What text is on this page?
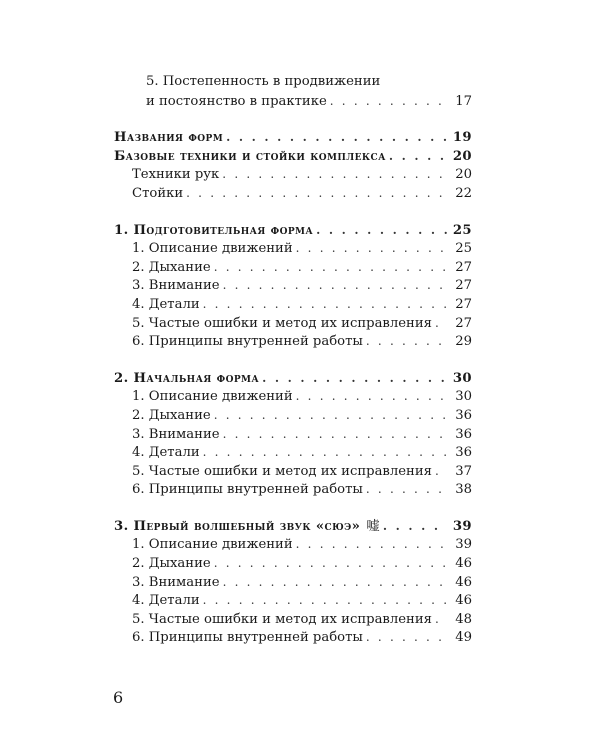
5. Постепенность в продвижении
и постоянство в практике . . .	17
Названия форм . . .	19
Базовые техники и стойки комплекса . . .	20
Техники рук . . .	20
Стойки . . .	22
1. Подготовительная форма . . .	25
1. Описание движений . . .	25
2. Дыхание . . .	27
3. Внимание . . .	27
4. Детали . . .	27
5. Частые ошибки и метод их исправления . . .	27
6. Принципы внутренней работы . . .	29
2. Начальная форма . . .	30
1. Описание движений . . .	30
2. Дыхание . . .	36
3. Внимание . . .	36
4. Детали . . .	36
5. Частые ошибки и метод их исправления . . .	37
6. Принципы внутренней работы . . .	38
3. Первый волшебный звук «сюэ» 嘘 . . .	39
1. Описание движений . . .	39
2. Дыхание . . .	46
3. Внимание . . .	46
4. Детали . . .	46
5. Частые ошибки и метод их исправления . . .	48
6. Принципы внутренней работы . . .	49
6
